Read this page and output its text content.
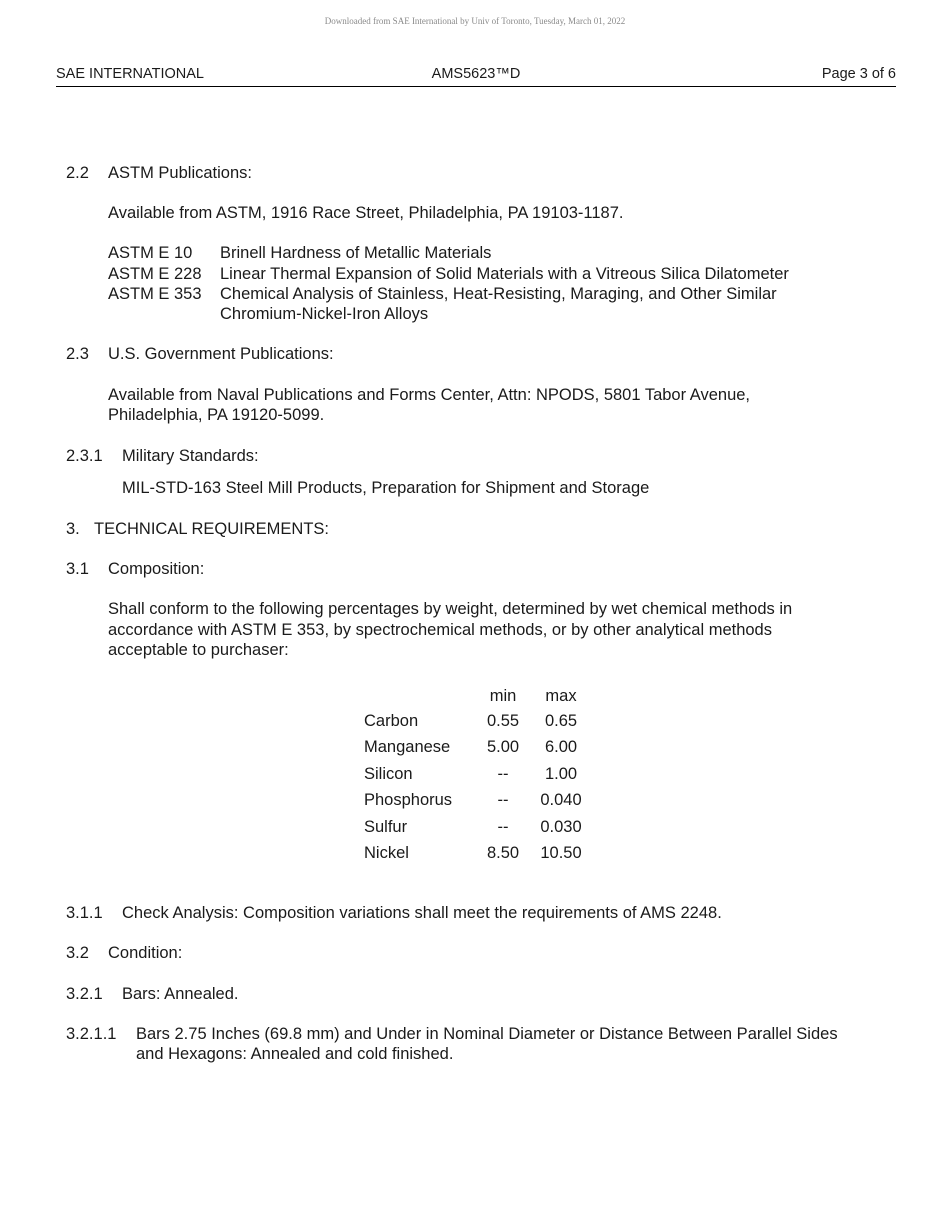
Downloaded from SAE International by Univ of Toronto, Tuesday, March 01, 2022
SAE INTERNATIONAL	AMS5623™D	Page 3 of 6
2.2 ASTM Publications:
Available from ASTM, 1916 Race Street, Philadelphia, PA 19103-1187.
ASTM E 10 Brinell Hardness of Metallic Materials
ASTM E 228 Linear Thermal Expansion of Solid Materials with a Vitreous Silica Dilatometer
ASTM E 353 Chemical Analysis of Stainless, Heat-Resisting, Maraging, and Other Similar
Chromium-Nickel-Iron Alloys
2.3 U.S. Government Publications:
Available from Naval Publications and Forms Center, Attn: NPODS, 5801 Tabor Avenue,
Philadelphia, PA 19120-5099.
2.3.1 Military Standards:
MIL-STD-163 Steel Mill Products, Preparation for Shipment and Storage
3. TECHNICAL REQUIREMENTS:
3.1 Composition:
Shall conform to the following percentages by weight, determined by wet chemical methods in
accordance with ASTM E 353, by spectrochemical methods, or by other analytical methods
acceptable to purchaser:
	min	max
Carbon	0.55	0.65
Manganese	5.00	6.00
Silicon	--	1.00
Phosphorus	--	0.040
Sulfur	--	0.030
Nickel	8.50	10.50
3.1.1 Check Analysis: Composition variations shall meet the requirements of AMS 2248.
3.2 Condition:
3.2.1 Bars: Annealed.
3.2.1.1 Bars 2.75 Inches (69.8 mm) and Under in Nominal Diameter or Distance Between Parallel Sides
and Hexagons: Annealed and cold finished.
